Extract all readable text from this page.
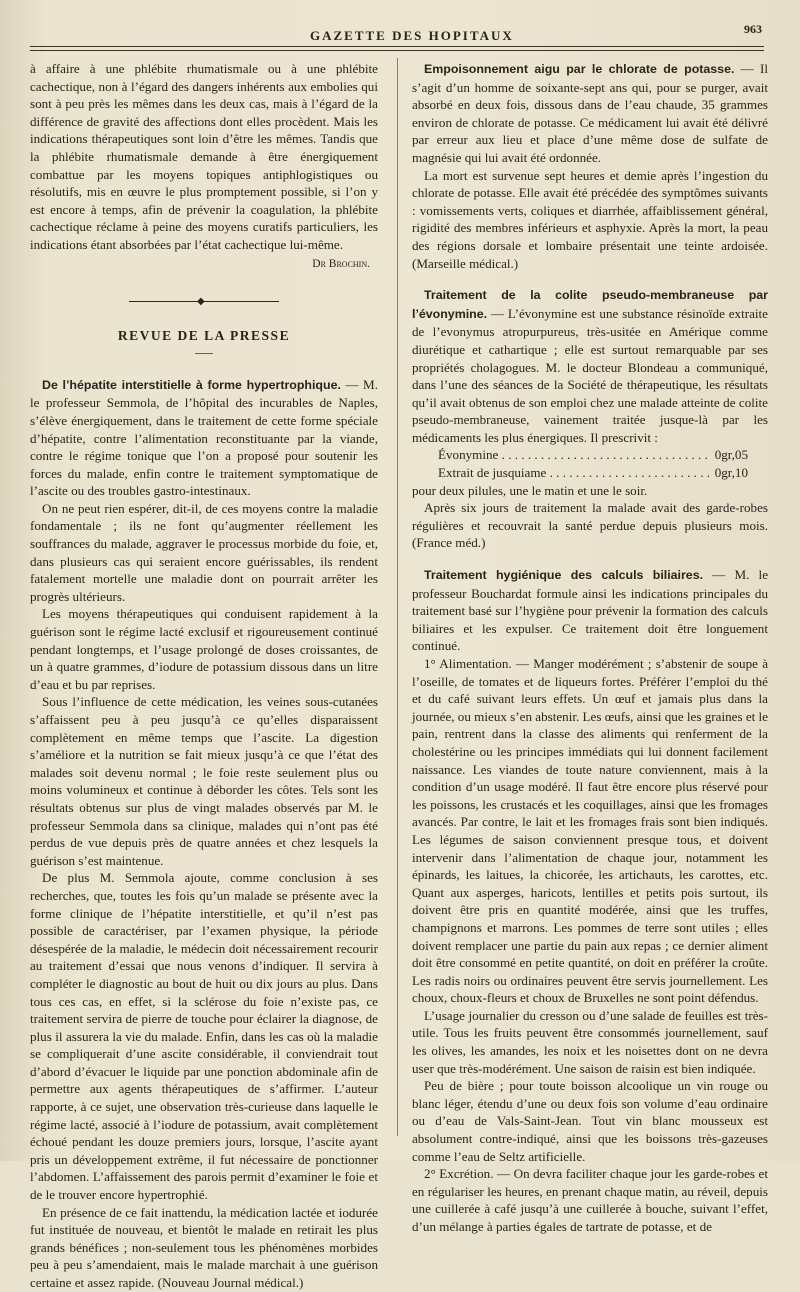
GAZETTE DES HOPITAUX	963

à affaire à une phlébite rhumatismale ou à une phlébite cachectique, non à l’égard des dangers inhérents aux embolies qui sont à peu près les mêmes dans les deux cas, mais à l’égard de la différence de gravité des affections dont elles procèdent. Mais les indications thérapeutiques sont loin d’être les mêmes. Tandis que la phlébite rhumatismale demande à être énergiquement combattue par les moyens topiques antiphlogistiques ou résolutifs, mis en œuvre le plus promptement possible, si l’on y est encore à temps, afin de prévenir la coagulation, la phlébite cachectique réclame à peine des moyens curatifs particuliers, les indications étant absorbées par l’état cachectique lui-même.

Dr Brochin.
◆
REVUE DE LA PRESSE

De l’hépatite interstitielle à forme hypertrophique. — M. le professeur Semmola, de l’hôpital des incurables de Naples, s’élève énergiquement, dans le traitement de cette forme spéciale d’hépatite, contre l’alimentation reconstituante par la viande, contre le régime tonique que l’on a proposé pour soutenir les forces du malade, enfin contre le traitement symptomatique de l’ascite ou des troubles gastro-intestinaux.

On ne peut rien espérer, dit-il, de ces moyens contre la maladie fondamentale ; ils ne font qu’augmenter réellement les souffrances du malade, aggraver le processus morbide du foie, et, dans plusieurs cas qui seraient encore guérissables, ils rendent fatalement mortelle une maladie dont on pourrait arrêter les progrès ultérieurs.

Les moyens thérapeutiques qui conduisent rapidement à la guérison sont le régime lacté exclusif et rigoureusement continué pendant longtemps, et l’usage prolongé de doses croissantes, de un à quatre grammes, d’iodure de potassium dissous dans un litre d’eau et bu par reprises.

Sous l’influence de cette médication, les veines sous-cutanées s’affaissent peu à peu jusqu’à ce qu’elles disparaissent complètement en même temps que l’ascite. La digestion s’améliore et la nutrition se fait mieux jusqu’à ce que l’état des malades soit devenu normal ; le foie reste seulement plus ou moins volumineux et continue à déborder les côtes. Tels sont les résultats obtenus sur plus de vingt malades observés par M. le professeur Semmola dans sa clinique, malades qui n’ont pas été perdus de vue depuis près de quatre années et chez lesquels la guérison s’est maintenue.

De plus M. Semmola ajoute, comme conclusion à ses recherches, que, toutes les fois qu’un malade se présente avec la forme clinique de l’hépatite interstitielle, et qu’il n’est pas possible de caractériser, par l’examen physique, la période désespérée de la maladie, le médecin doit nécessairement recourir au traitement d’essai que nous venons d’indiquer. Il servira à compléter le diagnostic au bout de huit ou dix jours au plus. Dans tous ces cas, en effet, si la sclérose du foie n’existe pas, ce traitement servira de pierre de touche pour éclairer la diagnose, de plus il assurera la vie du malade. Enfin, dans les cas où la maladie se compliquerait d’une ascite considérable, il conviendrait tout d’abord d’évacuer le liquide par une ponction abdominale afin de permettre aux agents thérapeutiques de s’affirmer. L’auteur rapporte, à ce sujet, une observation très-curieuse dans laquelle le régime lacté, associé à l’iodure de potassium, avait complètement échoué pendant les douze premiers jours, lorsque, l’ascite ayant pris un développement extrême, il fut nécessaire de ponctionner l’abdomen. L’affaissement des parois permit d’examiner le foie et de le trouver encore hypertrophié.

En présence de ce fait inattendu, la médication lactée et iodurée fut instituée de nouveau, et bientôt le malade en retirait les plus grands bénéfices ; non-seulement tous les phénomènes morbides peu à peu s’amendaient, mais le malade marchait à une guérison certaine et assez rapide. (Nouveau Journal médical.)

Empoisonnement aigu par le chlorate de potasse. — Il s’agit d’un homme de soixante-sept ans qui, pour se purger, avait absorbé en deux fois, dissous dans de l’eau chaude, 35 grammes environ de chlorate de potasse. Ce médicament lui avait été délivré par erreur aux lieu et place d’une même dose de sulfate de magnésie qui lui avait été ordonnée.

La mort est survenue sept heures et demie après l’ingestion du chlorate de potasse. Elle avait été précédée des symptômes suivants : vomissements verts, coliques et diarrhée, affaiblissement général, rigidité des membres inférieurs et asphyxie. Après la mort, la peau des régions dorsale et lombaire présentait une teinte ardoisée. (Marseille médical.)

Traitement de la colite pseudo-membraneuse par l’évonymine. — L’évonymine est une substance résinoïde extraite de l’evonymus atropurpureus, très-usitée en Amérique comme diurétique et cathartique ; elle est surtout remarquable par ses propriétés cholagogues. M. le docteur Blondeau a communiqué, dans l’une des séances de la Société de thérapeutique, les résultats qu’il avait obtenus de son emploi chez une malade atteinte de colite pseudo-membraneuse, vainement traitée jusque-là par les médicaments les plus énergiques. Il prescrivit :

Évonymine . . .	0gr,05
Extrait de jusquiame . . .	0gr,10

pour deux pilules, une le matin et une le soir.

Après six jours de traitement la malade avait des garde-robes régulières et recouvrait la santé perdue depuis plusieurs mois. (France méd.)

Traitement hygiénique des calculs biliaires. — M. le professeur Bouchardat formule ainsi les indications principales du traitement basé sur l’hygiène pour prévenir la formation des calculs biliaires et les expulser. Ce traitement doit être longuement continué.

1° Alimentation. — Manger modérément ; s’abstenir de soupe à l’oseille, de tomates et de liqueurs fortes. Préférer l’emploi du thé et du café suivant leurs effets. Un œuf et jamais plus dans la journée, ou mieux s’en abstenir. Les œufs, ainsi que les graines et le pain, rentrent dans la classe des aliments qui renferment de la cholestérine ou les principes immédiats qui lui donnent facilement naissance. Les viandes de toute nature conviennent, mais à la condition d’un usage modéré. Il faut être encore plus réservé pour les poissons, les crustacés et les coquillages, ainsi que les fromages avancés. Par contre, le lait et les fromages frais sont bien indiqués. Les légumes de saison conviennent presque tous, et doivent intervenir dans l’alimentation de chaque jour, notamment les épinards, les laitues, la chicorée, les artichauts, les carottes, etc. Quant aux asperges, haricots, lentilles et petits pois surtout, ils doivent être pris en quantité modérée, ainsi que les truffes, champignons et marrons. Les pommes de terre sont utiles ; elles doivent remplacer une partie du pain aux repas ; ce dernier aliment doit être consommé en petite quantité, on doit en préférer la croûte. Les radis noirs ou ordinaires peuvent être servis journellement. Les choux, choux-fleurs et choux de Bruxelles ne sont point défendus.

L’usage journalier du cresson ou d’une salade de feuilles est très-utile. Tous les fruits peuvent être consommés journellement, sauf les olives, les amandes, les noix et les noisettes dont on ne devra user que très-modérément. Une saison de raisin est bien indiquée.

Peu de bière ; pour toute boisson alcoolique un vin rouge ou blanc léger, étendu d’une ou deux fois son volume d’eau ordinaire ou d’eau de Vals-Saint-Jean. Tout vin blanc mousseux est absolument contre-indiqué, ainsi que les boissons très-gazeuses comme l’eau de Seltz artificielle.

2° Excrétion. — On devra faciliter chaque jour les garde-robes et en régulariser les heures, en prenant chaque matin, au réveil, depuis une cuillerée à café jusqu’à une cuillerée à bouche, suivant l’effet, d’un mélange à parties égales de tartrate de potasse, et de
